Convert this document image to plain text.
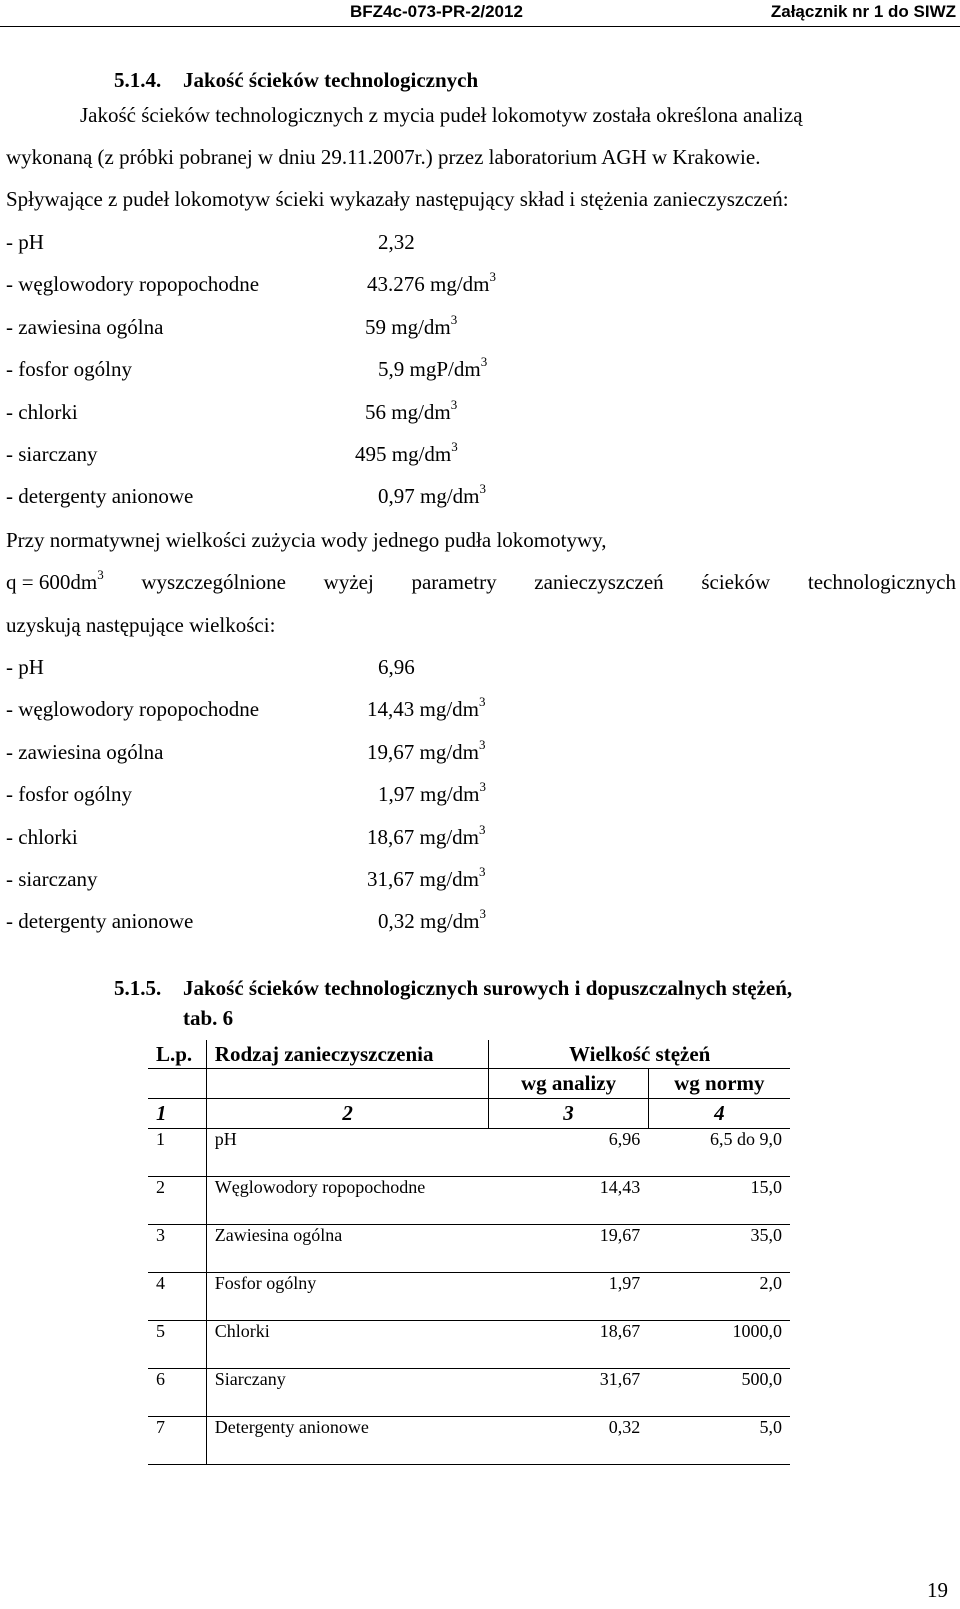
BFZ4c-073-PR-2/2012	Załącznik nr 1 do SIWZ
5.1.4. Jakość ścieków technologicznych
Jakość ścieków technologicznych z mycia pudeł lokomotyw została określona analizą
wykonaną (z próbki pobranej w dniu 29.11.2007r.) przez laboratorium AGH w Krakowie.
Spływające z pudeł lokomotyw ścieki wykazały następujący skład i stężenia zanieczyszczeń:
- pH	2,32
- węglowodory ropopochodne	43.276 $mg/dm^3$
- zawiesina ogólna	59 $mg/dm^3$
- fosfor ogólny	5,9 mgP/$dm^3$
- chlorki	56 $mg/dm^3$
- siarczany	495 $mg/dm^3$
- detergenty anionowe	0,97 $mg/dm^3$
Przy normatywnej wielkości zużycia wody jednego pudła lokomotywy,
$q = 600dm^3$ wyszczególnione wyżej parametry zanieczyszczeń ścieków technologicznych
uzyskują następujące wielkości:
- pH	6,96
- węglowodory ropopochodne	14,43 $mg/dm^3$
- zawiesina ogólna	19,67 $mg/dm^3$
- fosfor ogólny	1,97 $mg/dm^3$
- chlorki	18,67 $mg/dm^3$
- siarczany	31,67 $mg/dm^3$
- detergenty anionowe	0,32 $mg/dm^3$
5.1.5. Jakość ścieków technologicznych surowych i dopuszczalnych stężeń,
tab. 6
L.p.	Rodzaj zanieczyszczenia	Wielkość stężeń	
		wg analizy	wg normy
1	2	3	4
1	pH	6,96	6,5 do 9,0
2	Węglowodory ropopochodne	14,43	15,0
3	Zawiesina ogólna	19,67	35,0
4	Fosfor ogólny	1,97	2,0
5	Chlorki	18,67	1000,0
6	Siarczany	31,67	500,0
7	Detergenty anionowe	0,32	5,0
19
